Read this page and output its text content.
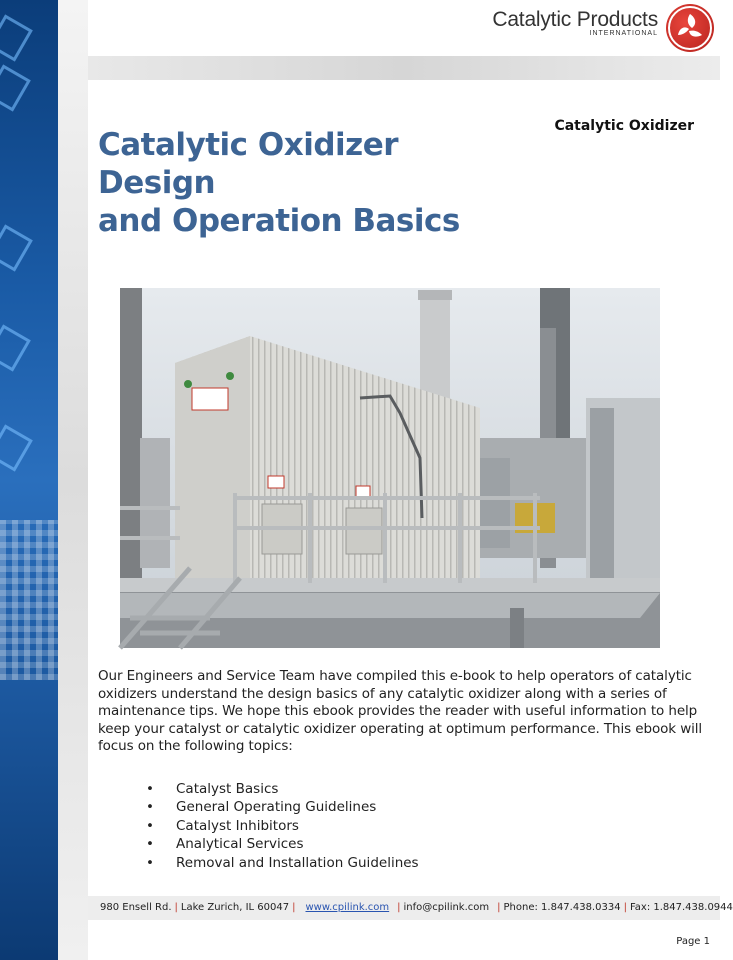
Catalytic Products
INTERNATIONAL
Catalytic Oxidizer
Catalytic Oxidizer Design
and Operation Basics
Our Engineers and Service Team have compiled this e-book to help operators of catalytic oxidizers understand the design basics of any catalytic oxidizer along with a series of maintenance tips. We hope this ebook provides the reader with useful information to help keep your catalyst or catalytic oxidizer operating at optimum performance. This ebook will focus on the following topics:
• Catalyst Basics
• General Operating Guidelines
• Catalyst Inhibitors
• Analytical Services
• Removal and Installation Guidelines
980 Ensell Rd. | Lake Zurich, IL 60047 | www.cpilink.com | info@cpilink.com | Phone: 1.847.438.0334 | Fax: 1.847.438.0944
Page 1
